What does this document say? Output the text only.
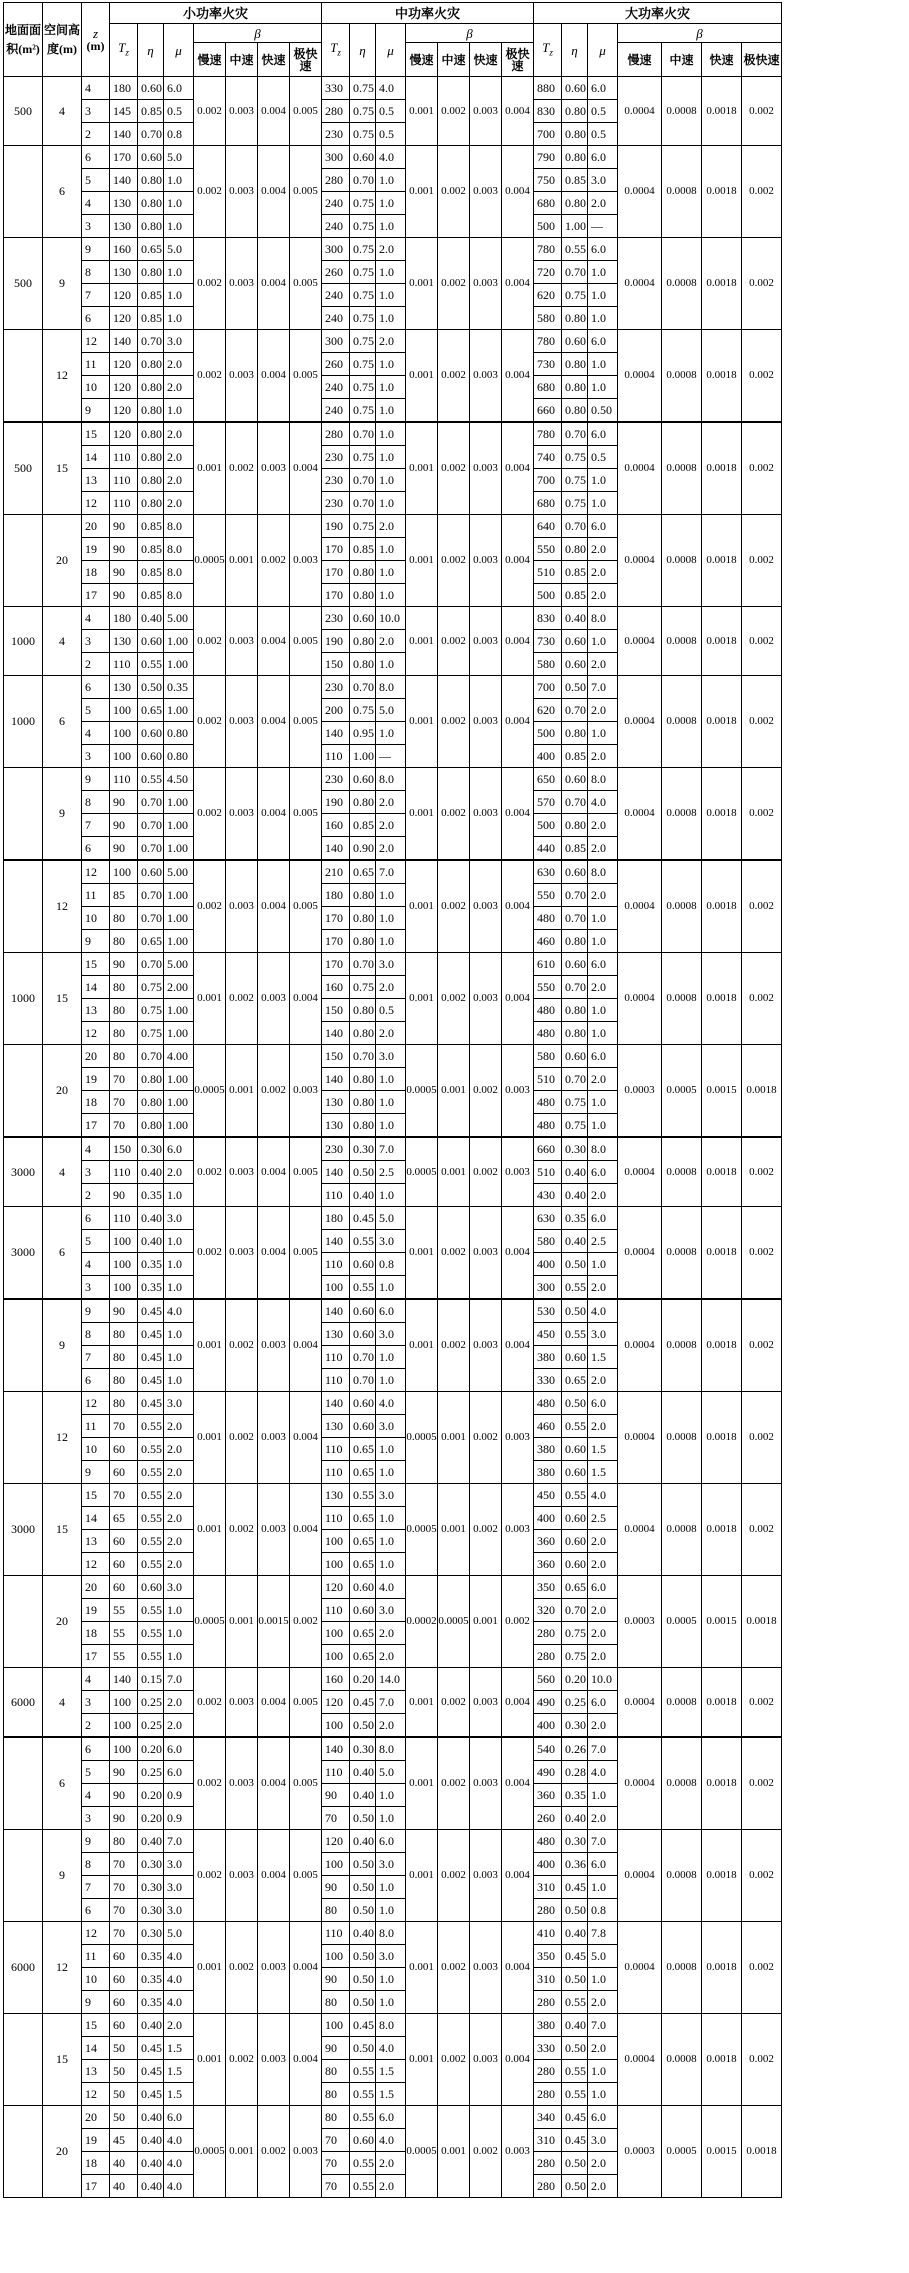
地面面积(m²)	空间高度(m)	z
(m)	小功率火灾							中功率火灾							大功率火灾						
			$T_z$	η	μ	β				$T_z$	η	μ	β				$T_z$	η	μ	β			
						慢速	中速	快速	极快速				慢速	中速	快速	极快速				慢速	中速	快速	极快速
500	4	4	180	0.60	6.0	0.002	0.003	0.004	0.005	330	0.75	4.0	0.001	0.002	0.003	0.004	880	0.60	6.0	0.0004	0.0008	0.0018	0.002
		3	145	0.85	0.5					280	0.75	0.5					830	0.80	0.5				
		2	140	0.70	0.8					230	0.75	0.5					700	0.80	0.5				
	6	6	170	0.60	5.0	0.002	0.003	0.004	0.005	300	0.60	4.0	0.001	0.002	0.003	0.004	790	0.80	6.0	0.0004	0.0008	0.0018	0.002
		5	140	0.80	1.0					280	0.70	1.0					750	0.85	3.0				
		4	130	0.80	1.0					240	0.75	1.0					680	0.80	2.0				
		3	130	0.80	1.0					240	0.75	1.0					500	1.00	—				
500	9	9	160	0.65	5.0	0.002	0.003	0.004	0.005	300	0.75	2.0	0.001	0.002	0.003	0.004	780	0.55	6.0	0.0004	0.0008	0.0018	0.002
		8	130	0.80	1.0					260	0.75	1.0					720	0.70	1.0				
		7	120	0.85	1.0					240	0.75	1.0					620	0.75	1.0				
		6	120	0.85	1.0					240	0.75	1.0					580	0.80	1.0				
	12	12	140	0.70	3.0	0.002	0.003	0.004	0.005	300	0.75	2.0	0.001	0.002	0.003	0.004	780	0.60	6.0	0.0004	0.0008	0.0018	0.002
		11	120	0.80	2.0					260	0.75	1.0					730	0.80	1.0				
		10	120	0.80	2.0					240	0.75	1.0					680	0.80	1.0				
		9	120	0.80	1.0					240	0.75	1.0					660	0.80	0.50				
500	15	15	120	0.80	2.0	0.001	0.002	0.003	0.004	280	0.70	1.0	0.001	0.002	0.003	0.004	780	0.70	6.0	0.0004	0.0008	0.0018	0.002
		14	110	0.80	2.0					230	0.75	1.0					740	0.75	0.5				
		13	110	0.80	2.0					230	0.70	1.0					700	0.75	1.0				
		12	110	0.80	2.0					230	0.70	1.0					680	0.75	1.0				
	20	20	90	0.85	8.0	0.0005	0.001	0.002	0.003	190	0.75	2.0	0.001	0.002	0.003	0.004	640	0.70	6.0	0.0004	0.0008	0.0018	0.002
		19	90	0.85	8.0					170	0.85	1.0					550	0.80	2.0				
		18	90	0.85	8.0					170	0.80	1.0					510	0.85	2.0				
		17	90	0.85	8.0					170	0.80	1.0					500	0.85	2.0				
1000	4	4	180	0.40	5.00	0.002	0.003	0.004	0.005	230	0.60	10.0	0.001	0.002	0.003	0.004	830	0.40	8.0	0.0004	0.0008	0.0018	0.002
		3	130	0.60	1.00					190	0.80	2.0					730	0.60	1.0				
		2	110	0.55	1.00					150	0.80	1.0					580	0.60	2.0				
1000	6	6	130	0.50	0.35	0.002	0.003	0.004	0.005	230	0.70	8.0	0.001	0.002	0.003	0.004	700	0.50	7.0	0.0004	0.0008	0.0018	0.002
		5	100	0.65	1.00					200	0.75	5.0					620	0.70	2.0				
		4	100	0.60	0.80					140	0.95	1.0					500	0.80	1.0				
		3	100	0.60	0.80					110	1.00	—					400	0.85	2.0				
	9	9	110	0.55	4.50	0.002	0.003	0.004	0.005	230	0.60	8.0	0.001	0.002	0.003	0.004	650	0.60	8.0	0.0004	0.0008	0.0018	0.002
		8	90	0.70	1.00					190	0.80	2.0					570	0.70	4.0				
		7	90	0.70	1.00					160	0.85	2.0					500	0.80	2.0				
		6	90	0.70	1.00					140	0.90	2.0					440	0.85	2.0				
	12	12	100	0.60	5.00	0.002	0.003	0.004	0.005	210	0.65	7.0	0.001	0.002	0.003	0.004	630	0.60	8.0	0.0004	0.0008	0.0018	0.002
		11	85	0.70	1.00					180	0.80	1.0					550	0.70	2.0				
		10	80	0.70	1.00					170	0.80	1.0					480	0.70	1.0				
		9	80	0.65	1.00					170	0.80	1.0					460	0.80	1.0				
1000	15	15	90	0.70	5.00	0.001	0.002	0.003	0.004	170	0.70	3.0	0.001	0.002	0.003	0.004	610	0.60	6.0	0.0004	0.0008	0.0018	0.002
		14	80	0.75	2.00					160	0.75	2.0					550	0.70	2.0				
		13	80	0.75	1.00					150	0.80	0.5					480	0.80	1.0				
		12	80	0.75	1.00					140	0.80	2.0					480	0.80	1.0				
	20	20	80	0.70	4.00	0.0005	0.001	0.002	0.003	150	0.70	3.0	0.0005	0.001	0.002	0.003	580	0.60	6.0	0.0003	0.0005	0.0015	0.0018
		19	70	0.80	1.00					140	0.80	1.0					510	0.70	2.0				
		18	70	0.80	1.00					130	0.80	1.0					480	0.75	1.0				
		17	70	0.80	1.00					130	0.80	1.0					480	0.75	1.0				
3000	4	4	150	0.30	6.0	0.002	0.003	0.004	0.005	230	0.30	7.0	0.0005	0.001	0.002	0.003	660	0.30	8.0	0.0004	0.0008	0.0018	0.002
		3	110	0.40	2.0					140	0.50	2.5					510	0.40	6.0				
		2	90	0.35	1.0					110	0.40	1.0					430	0.40	2.0				
3000	6	6	110	0.40	3.0	0.002	0.003	0.004	0.005	180	0.45	5.0	0.001	0.002	0.003	0.004	630	0.35	6.0	0.0004	0.0008	0.0018	0.002
		5	100	0.40	1.0					140	0.55	3.0					580	0.40	2.5				
		4	100	0.35	1.0					110	0.60	0.8					400	0.50	1.0				
		3	100	0.35	1.0					100	0.55	1.0					300	0.55	2.0				
	9	9	90	0.45	4.0	0.001	0.002	0.003	0.004	140	0.60	6.0	0.001	0.002	0.003	0.004	530	0.50	4.0	0.0004	0.0008	0.0018	0.002
		8	80	0.45	1.0					130	0.60	3.0					450	0.55	3.0				
		7	80	0.45	1.0					110	0.70	1.0					380	0.60	1.5				
		6	80	0.45	1.0					110	0.70	1.0					330	0.65	2.0				
	12	12	80	0.45	3.0	0.001	0.002	0.003	0.004	140	0.60	4.0	0.0005	0.001	0.002	0.003	480	0.50	6.0	0.0004	0.0008	0.0018	0.002
		11	70	0.55	2.0					130	0.60	3.0					460	0.55	2.0				
		10	60	0.55	2.0					110	0.65	1.0					380	0.60	1.5				
		9	60	0.55	2.0					110	0.65	1.0					380	0.60	1.5				
3000	15	15	70	0.55	2.0	0.001	0.002	0.003	0.004	130	0.55	3.0	0.0005	0.001	0.002	0.003	450	0.55	4.0	0.0004	0.0008	0.0018	0.002
		14	65	0.55	2.0					110	0.65	1.0					400	0.60	2.5				
		13	60	0.55	2.0					100	0.65	1.0					360	0.60	2.0				
		12	60	0.55	2.0					100	0.65	1.0					360	0.60	2.0				
	20	20	60	0.60	3.0	0.0005	0.001	0.0015	0.002	120	0.60	4.0	0.0002	0.0005	0.001	0.002	350	0.65	6.0	0.0003	0.0005	0.0015	0.0018
		19	55	0.55	1.0					110	0.60	3.0					320	0.70	2.0				
		18	55	0.55	1.0					100	0.65	2.0					280	0.75	2.0				
		17	55	0.55	1.0					100	0.65	2.0					280	0.75	2.0				
6000	4	4	140	0.15	7.0	0.002	0.003	0.004	0.005	160	0.20	14.0	0.001	0.002	0.003	0.004	560	0.20	10.0	0.0004	0.0008	0.0018	0.002
		3	100	0.25	2.0					120	0.45	7.0					490	0.25	6.0				
		2	100	0.25	2.0					100	0.50	2.0					400	0.30	2.0				
	6	6	100	0.20	6.0	0.002	0.003	0.004	0.005	140	0.30	8.0	0.001	0.002	0.003	0.004	540	0.26	7.0	0.0004	0.0008	0.0018	0.002
		5	90	0.25	6.0					110	0.40	5.0					490	0.28	4.0				
		4	90	0.20	0.9					90	0.40	1.0					360	0.35	1.0				
		3	90	0.20	0.9					70	0.50	1.0					260	0.40	2.0				
	9	9	80	0.40	7.0	0.002	0.003	0.004	0.005	120	0.40	6.0	0.001	0.002	0.003	0.004	480	0.30	7.0	0.0004	0.0008	0.0018	0.002
		8	70	0.30	3.0					100	0.50	3.0					400	0.36	6.0				
		7	70	0.30	3.0					90	0.50	1.0					310	0.45	1.0				
		6	70	0.30	3.0					80	0.50	1.0					280	0.50	0.8				
6000	12	12	70	0.30	5.0	0.001	0.002	0.003	0.004	110	0.40	8.0	0.001	0.002	0.003	0.004	410	0.40	7.8	0.0004	0.0008	0.0018	0.002
		11	60	0.35	4.0					100	0.50	3.0					350	0.45	5.0				
		10	60	0.35	4.0					90	0.50	1.0					310	0.50	1.0				
		9	60	0.35	4.0					80	0.50	1.0					280	0.55	2.0				
	15	15	60	0.40	2.0	0.001	0.002	0.003	0.004	100	0.45	8.0	0.001	0.002	0.003	0.004	380	0.40	7.0	0.0004	0.0008	0.0018	0.002
		14	50	0.45	1.5					90	0.50	4.0					330	0.50	2.0				
		13	50	0.45	1.5					80	0.55	1.5					280	0.55	1.0				
		12	50	0.45	1.5					80	0.55	1.5					280	0.55	1.0				
	20	20	50	0.40	6.0	0.0005	0.001	0.002	0.003	80	0.55	6.0	0.0005	0.001	0.002	0.003	340	0.45	6.0	0.0003	0.0005	0.0015	0.0018
		19	45	0.40	4.0					70	0.60	4.0					310	0.45	3.0				
		18	40	0.40	4.0					70	0.55	2.0					280	0.50	2.0				
		17	40	0.40	4.0					70	0.55	2.0					280	0.50	2.0				
